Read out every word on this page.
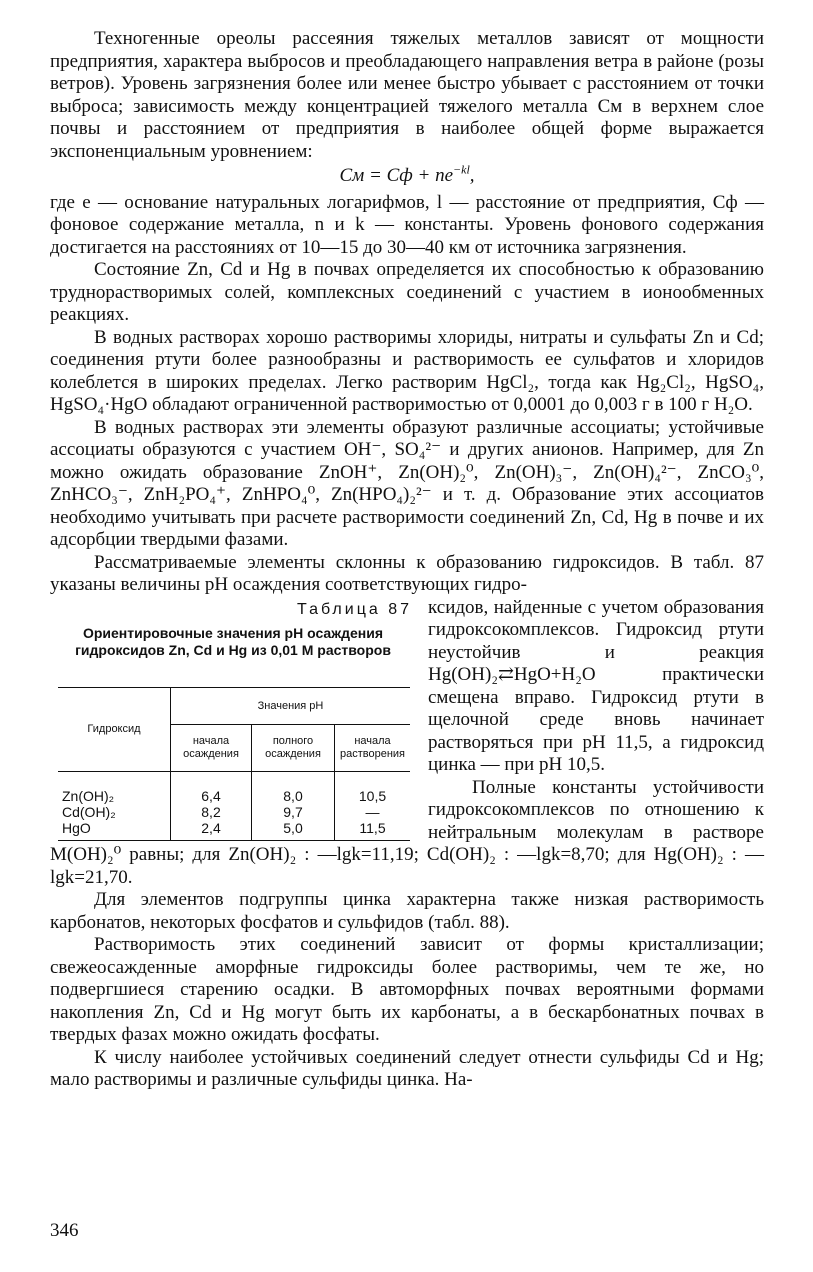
Техногенные ореолы рассеяния тяжелых металлов зависят от мощности предприятия, характера выбросов и преобладающего направления ветра в районе (розы ветров). Уровень загрязнения более или менее быстро убывает с расстоянием от точки выброса; зависимость между концентрацией тяжелого металла Cм в верхнем слое почвы и расстоянием от предприятия в наиболее общей форме выражается экспоненциальным уровнением:

Cм = Cф + $ne^{-kl}$,

где e — основание натуральных логарифмов, l — расстояние от предприятия, Cф — фоновое содержание металла, n и k — константы. Уровень фонового содержания достигается на расстояниях от 10—15 до 30—40 км от источника загрязнения.

Состояние Zn, Cd и Hg в почвах определяется их способностью к образованию труднорастворимых солей, комплексных соединений с участием в ионообменных реакциях.

В водных растворах хорошо растворимы хлориды, нитраты и сульфаты Zn и Cd; соединения ртути более разнообразны и растворимость ее сульфатов и хлоридов колеблется в широких пределах. Легко растворим HgCl₂, тогда как Hg₂Cl₂, HgSO₄, HgSO₄·HgO обладают ограниченной растворимостью от 0,0001 до 0,003 г в 100 г H₂O.

В водных растворах эти элементы образуют различные ассоциаты; устойчивые ассоциаты образуются с участием OH⁻, SO₄²⁻ и других анионов. Например, для Zn можно ожидать образование ZnOH⁺, Zn(OH)₂⁰, Zn(OH)₃⁻, Zn(OH)₄²⁻, ZnCO₃⁰, ZnHCO₃⁻, ZnH₂PO₄⁺, ZnHPO₄⁰, Zn(HPO₄)₂²⁻ и т. д. Образование этих ассоциатов необходимо учитывать при расчете растворимости соединений Zn, Cd, Hg в почве и их адсорбции твердыми фазами.

Рассматриваемые элементы склонны к образованию гидроксидов. В табл. 87 указаны величины pH осаждения соответствующих гидро-

Таблица 87
Ориентировочные значения pH осаждения гидроксидов Zn, Cd и Hg из 0,01 M растворов
Гидроксид	Значения pH		
	начала осаждения	полного осаждения	начала растворения
Zn(OH)₂	6,4	8,0	10,5
Cd(OH)₂	8,2	9,7	—
HgO	2,4	5,0	11,5

ксидов, найденные с учетом образования гидроксокомплексов. Гидроксид ртути неустойчив и реакция Hg(OH)₂⇄HgO+H₂O практически смещена вправо. Гидроксид ртути в щелочной среде вновь начинает растворяться при pH 11,5, а гидроксид цинка — при pH 10,5.

Полные константы устойчивости гидроксокомплексов по отношению к нейтральным молекулам в растворе M(OH)₂⁰ равны; для Zn(OH)₂ : —lgk=11,19; Cd(OH)₂ : —lgk=8,70; для Hg(OH)₂ : —lgk=21,70.

Для элементов подгруппы цинка характерна также низкая растворимость карбонатов, некоторых фосфатов и сульфидов (табл. 88).

Растворимость этих соединений зависит от формы кристаллизации; свежеосажденные аморфные гидроксиды более растворимы, чем те же, но подвергшиеся старению осадки. В автоморфных почвах вероятными формами накопления Zn, Cd и Hg могут быть их карбонаты, а в бескарбонатных почвах в твердых фазах можно ожидать фосфаты.

К числу наиболее устойчивых соединений следует отнести сульфиды Cd и Hg; мало растворимы и различные сульфиды цинка. На-

346
